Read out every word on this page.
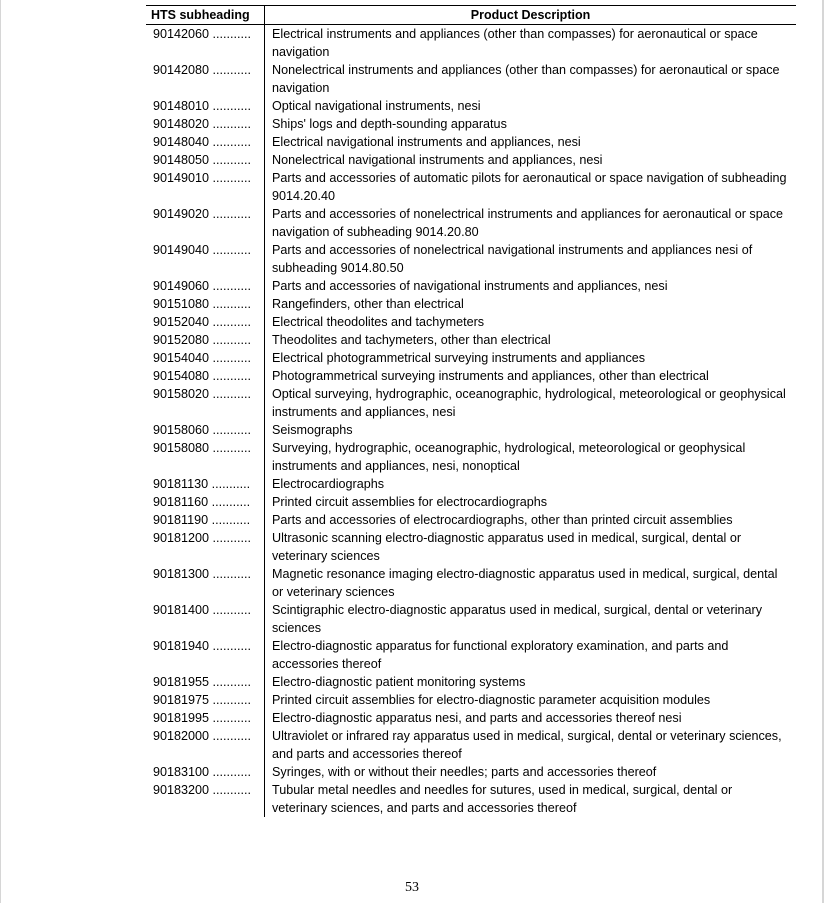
HTS subheading	Product Description
90142060 ...........	Electrical instruments and appliances (other than compasses) for aeronautical or space navigation
90142080 ...........	Nonelectrical instruments and appliances (other than compasses) for aeronautical or space navigation
90148010 ...........	Optical navigational instruments, nesi
90148020 ...........	Ships' logs and depth-sounding apparatus
90148040 ...........	Electrical navigational instruments and appliances, nesi
90148050 ...........	Nonelectrical navigational instruments and appliances, nesi
90149010 ...........	Parts and accessories of automatic pilots for aeronautical or space navigation of subheading 9014.20.40
90149020 ...........	Parts and accessories of nonelectrical instruments and appliances for aeronautical or space navigation of subheading 9014.20.80
90149040 ...........	Parts and accessories of nonelectrical navigational instruments and appliances nesi of subheading 9014.80.50
90149060 ...........	Parts and accessories of navigational instruments and appliances, nesi
90151080 ...........	Rangefinders, other than electrical
90152040 ...........	Electrical theodolites and tachymeters
90152080 ...........	Theodolites and tachymeters, other than electrical
90154040 ...........	Electrical photogrammetrical surveying instruments and appliances
90154080 ...........	Photogrammetrical surveying instruments and appliances, other than electrical
90158020 ...........	Optical surveying, hydrographic, oceanographic, hydrological, meteorological or geophysical instruments and appliances, nesi
90158060 ...........	Seismographs
90158080 ...........	Surveying, hydrographic, oceanographic, hydrological, meteorological or geophysical instruments and appliances, nesi, nonoptical
90181130 ...........	Electrocardiographs
90181160 ...........	Printed circuit assemblies for electrocardiographs
90181190 ...........	Parts and accessories of electrocardiographs, other than printed circuit assemblies
90181200 ...........	Ultrasonic scanning electro-diagnostic apparatus used in medical, surgical, dental or veterinary sciences
90181300 ...........	Magnetic resonance imaging electro-diagnostic apparatus used in medical, surgical, dental or veterinary sciences
90181400 ...........	Scintigraphic electro-diagnostic apparatus used in medical, surgical, dental or veterinary sciences
90181940 ...........	Electro-diagnostic apparatus for functional exploratory examination, and parts and accessories thereof
90181955 ...........	Electro-diagnostic patient monitoring systems
90181975 ...........	Printed circuit assemblies for electro-diagnostic parameter acquisition modules
90181995 ...........	Electro-diagnostic apparatus nesi, and parts and accessories thereof nesi
90182000 ...........	Ultraviolet or infrared ray apparatus used in medical, surgical, dental or veterinary sciences, and parts and accessories thereof
90183100 ...........	Syringes, with or without their needles; parts and accessories thereof
90183200 ...........	Tubular metal needles and needles for sutures, used in medical, surgical, dental or veterinary sciences, and parts and accessories thereof
53
